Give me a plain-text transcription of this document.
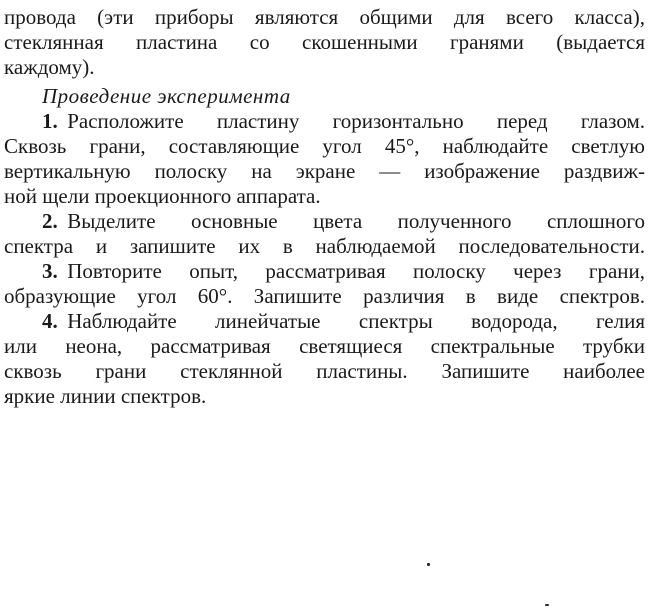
провода (эти приборы являются общими для всего класса),
стеклянная пластина со скошенными гранями (выдается
каждому).
Проведение эксперимента
1. Расположите пластину горизонтально перед глазом.
Сквозь грани, составляющие угол 45°, наблюдайте светлую
вертикальную полоску на экране — изображение раздвиж-
ной щели проекционного аппарата.
2. Выделите основные цвета полученного сплошного
спектра и запишите их в наблюдаемой последовательности.
3. Повторите опыт, рассматривая полоску через грани,
образующие угол 60°. Запишите различия в виде спектров.
4. Наблюдайте линейчатые спектры водорода, гелия
или неона, рассматривая светящиеся спектральные трубки
сквозь грани стеклянной пластины. Запишите наиболее
яркие линии спектров.
